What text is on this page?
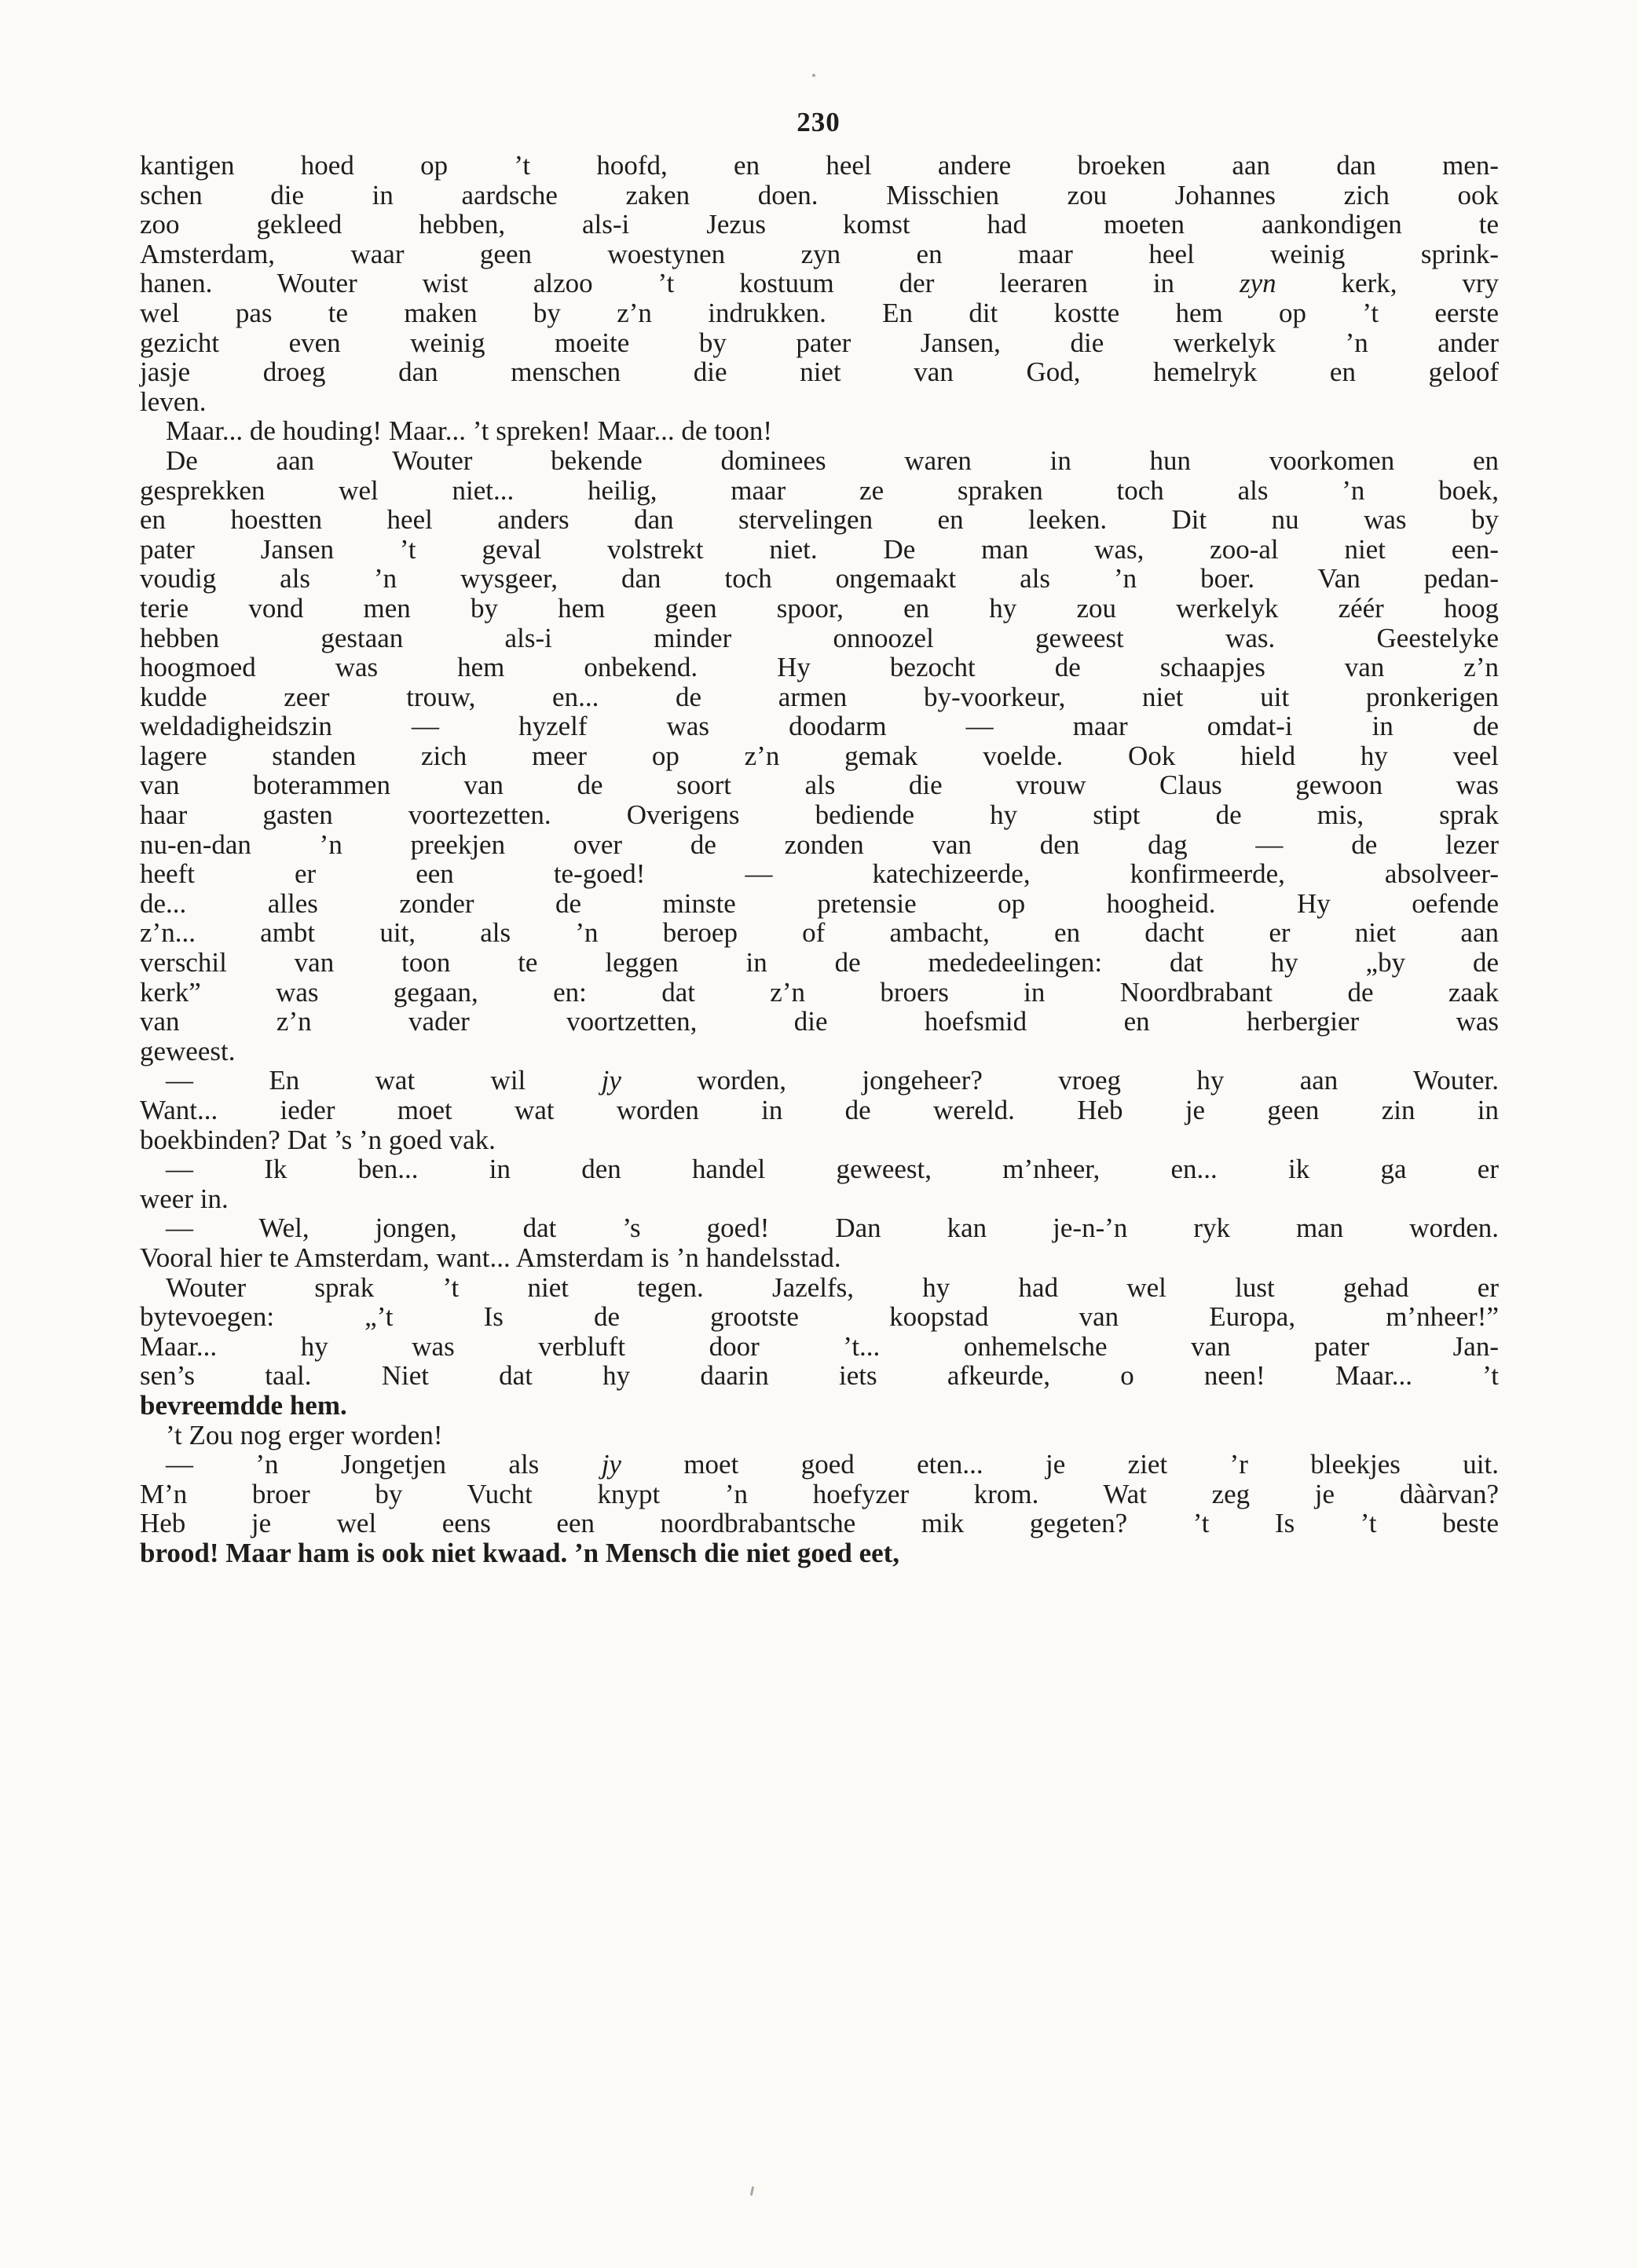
230
kantigen hoed op ’t hoofd, en heel andere broeken aan dan men-
schen die in aardsche zaken doen. Misschien zou Johannes zich ook
zoo gekleed hebben, als-i Jezus komst had moeten aankondigen te
Amsterdam, waar geen woestynen zyn en maar heel weinig sprink-
hanen. Wouter wist alzoo ’t kostuum der leeraren in zyn kerk, vry
wel pas te maken by z’n indrukken. En dit kostte hem op ’t eerste
gezicht even weinig moeite by pater Jansen, die werkelyk ’n ander
jasje droeg dan menschen die niet van God, hemelryk en geloof
leven.
Maar... de houding! Maar... ’t spreken! Maar... de toon!
De aan Wouter bekende dominees waren in hun voorkomen en
gesprekken wel niet... heilig, maar ze spraken toch als ’n boek,
en hoestten heel anders dan stervelingen en leeken. Dit nu was by
pater Jansen ’t geval volstrekt niet. De man was, zoo-al niet een-
voudig als ’n wysgeer, dan toch ongemaakt als ’n boer. Van pedan-
terie vond men by hem geen spoor, en hy zou werkelyk zéér hoog
hebben gestaan als-i minder onnoozel geweest was. Geestelyke
hoogmoed was hem onbekend. Hy bezocht de schaapjes van z’n
kudde zeer trouw, en... de armen by-voorkeur, niet uit pronkerigen
weldadigheidszin — hyzelf was doodarm — maar omdat-i in de
lagere standen zich meer op z’n gemak voelde. Ook hield hy veel
van boterammen van de soort als die vrouw Claus gewoon was
haar gasten voortezetten. Overigens bediende hy stipt de mis, sprak
nu-en-dan ’n preekjen over de zonden van den dag — de lezer
heeft er een te-goed! — katechizeerde, konfirmeerde, absolveer-
de... alles zonder de minste pretensie op hoogheid. Hy oefende
z’n... ambt uit, als ’n beroep of ambacht, en dacht er niet aan
verschil van toon te leggen in de mededeelingen: dat hy „by de
kerk” was gegaan, en: dat z’n broers in Noordbrabant de zaak
van z’n vader voortzetten, die hoefsmid en herbergier was
geweest.
— En wat wil jy worden, jongeheer? vroeg hy aan Wouter.
Want... ieder moet wat worden in de wereld. Heb je geen zin in
boekbinden? Dat ’s ’n goed vak.
— Ik ben... in den handel geweest, m’nheer, en... ik ga er
weer in.
— Wel, jongen, dat ’s goed! Dan kan je-n-’n ryk man worden.
Vooral hier te Amsterdam, want... Amsterdam is ’n handelsstad.
Wouter sprak ’t niet tegen. Jazelfs, hy had wel lust gehad er
bytevoegen: „’t Is de grootste koopstad van Europa, m’nheer!”
Maar... hy was verbluft door ’t... onhemelsche van pater Jan-
sen’s taal. Niet dat hy daarin iets afkeurde, o neen! Maar... ’t
bevreemdde hem.
’t Zou nog erger worden!
— ’n Jongetjen als jy moet goed eten... je ziet ’r bleekjes uit.
M’n broer by Vucht knypt ’n hoefyzer krom. Wat zeg je dààrvan?
Heb je wel eens een noordbrabantsche mik gegeten? ’t Is ’t beste
brood! Maar ham is ook niet kwaad. ’n Mensch die niet goed eet,
